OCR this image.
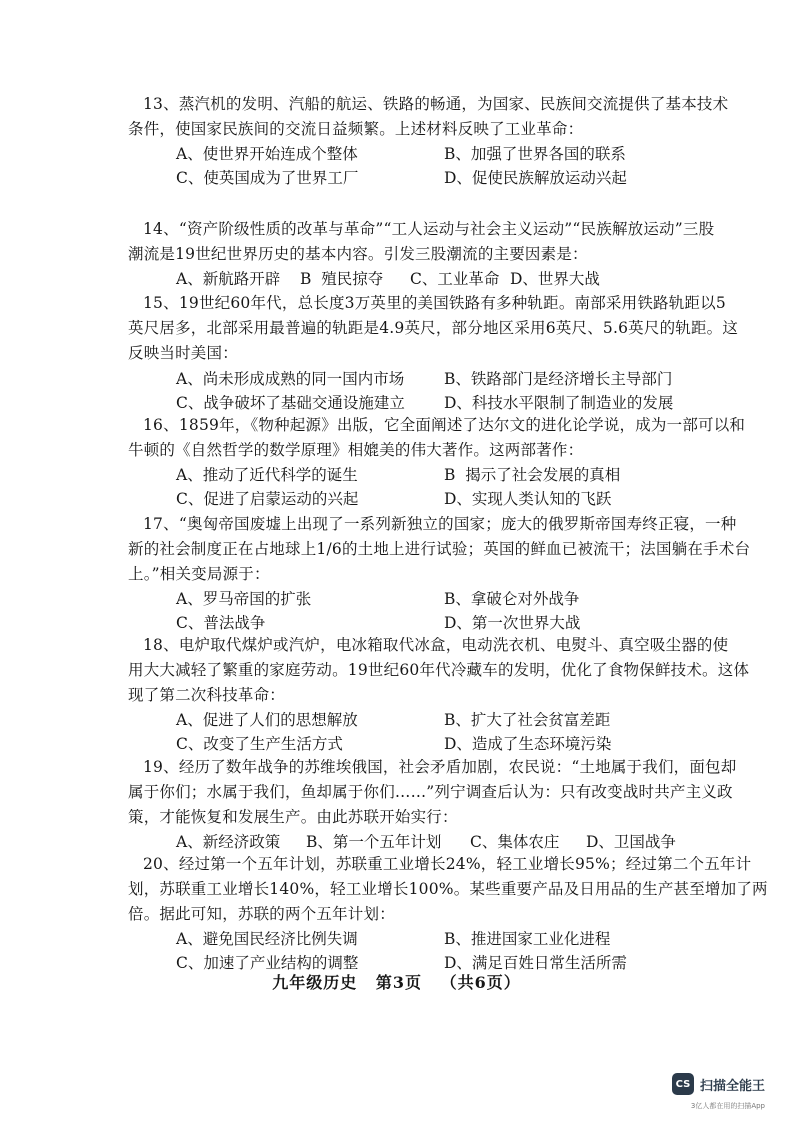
13、蒸汽机的发明、汽船的航运、铁路的畅通，为国家、民族间交流提供了基本技术
条件，使国家民族间的交流日益频繁。上述材料反映了工业革命：
A、使世界开始连成个整体	B、加强了世界各国的联系
C、使英国成为了世界工厂	D、促使民族解放运动兴起
14、“资产阶级性质的改革与革命”“工人运动与社会主义运动”“民族解放运动”三股
潮流是19世纪世界历史的基本内容。引发三股潮流的主要因素是：
A、新航路开辟 B  殖民掠夺 C、工业革命 D、世界大战
15、19世纪60年代，总长度3万英里的美国铁路有多种轨距。南部采用铁路轨距以5
英尺居多，北部采用最普遍的轨距是4.9英尺，部分地区采用6英尺、5.6英尺的轨距。这
反映当时美国：
A、尚未形成成熟的同一国内市场	B、铁路部门是经济增长主导部门
C、战争破坏了基础交通设施建立	D、科技水平限制了制造业的发展
16、1859年，《物种起源》出版，它全面阐述了达尔文的进化论学说，成为一部可以和
牛顿的《自然哲学的数学原理》相媲美的伟大著作。这两部著作：
A、推动了近代科学的诞生	B  揭示了社会发展的真相
C、促进了启蒙运动的兴起	D、实现人类认知的飞跃
17、“奥匈帝国废墟上出现了一系列新独立的国家；庞大的俄罗斯帝国寿终正寝，一种
新的社会制度正在占地球上1/6的土地上进行试验；英国的鲜血已被流干；法国躺在手术台
上。”相关变局源于：
A、罗马帝国的扩张	B、拿破仑对外战争
C、普法战争	D、第一次世界大战
18、电炉取代煤炉或汽炉，电冰箱取代冰盒，电动洗衣机、电熨斗、真空吸尘器的使
用大大减轻了繁重的家庭劳动。19世纪60年代冷藏车的发明，优化了食物保鲜技术。这体
现了第二次科技革命：
A、促进了人们的思想解放	B、扩大了社会贫富差距
C、改变了生产生活方式	D、造成了生态环境污染
19、经历了数年战争的苏维埃俄国，社会矛盾加剧，农民说：“土地属于我们，面包却
属于你们；水属于我们，鱼却属于你们……”列宁调查后认为：只有改变战时共产主义政
策，才能恢复和发展生产。由此苏联开始实行：
A、新经济政策 B、第一个五年计划 C、集体农庄 D、卫国战争
20、经过第一个五年计划，苏联重工业增长24%，轻工业增长95%；经过第二个五年计
划，苏联重工业增长140%，轻工业增长100%。某些重要产品及日用品的生产甚至增加了两
倍。据此可知，苏联的两个五年计划：
A、避免国民经济比例失调	B、推进国家工业化进程
C、加速了产业结构的调整	D、满足百姓日常生活所需
九年级历史 第3页 （共6页）
CS 扫描全能王
3亿人都在用的扫描App
